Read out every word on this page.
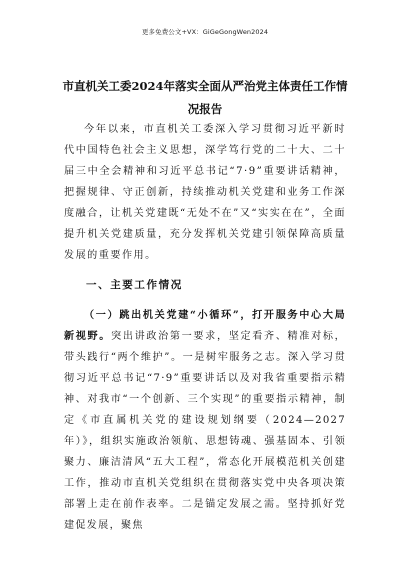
更多免费公文+VX：GiGeGongWen2024
市直机关工委2024年落实全面从严治党主体责任工作情况报告

今年以来，市直机关工委深入学习贯彻习近平新时代中国特色社会主义思想，深学笃行党的二十大、二十届三中全会精神和习近平总书记“7·9”重要讲话精神，把握规律、守正创新，持续推动机关党建和业务工作深度融合，让机关党建既“无处不在”又“实实在在”，全面提升机关党建质量，充分发挥机关党建引领保障高质量发展的重要作用。

一、主要工作情况

（一）跳出机关党建“小循环”，打开服务中心大局新视野。突出讲政治第一要求，坚定看齐、精准对标，带头践行“两个维护”。一是树牢服务之志。深入学习贯彻习近平总书记“7·9”重要讲话以及对我省重要指示精神、对我市“一个创新、三个实现”的重要指示精神，制定《市直属机关党的建设规划纲要（2024—2027年）》，组织实施政治领航、思想铸魂、强基固本、引领聚力、廉洁清风“五大工程”，常态化开展模范机关创建工作，推动市直机关党组织在贯彻落实党中央各项决策部署上走在前作表率。二是锚定发展之需。坚持抓好党建促发展，聚焦
